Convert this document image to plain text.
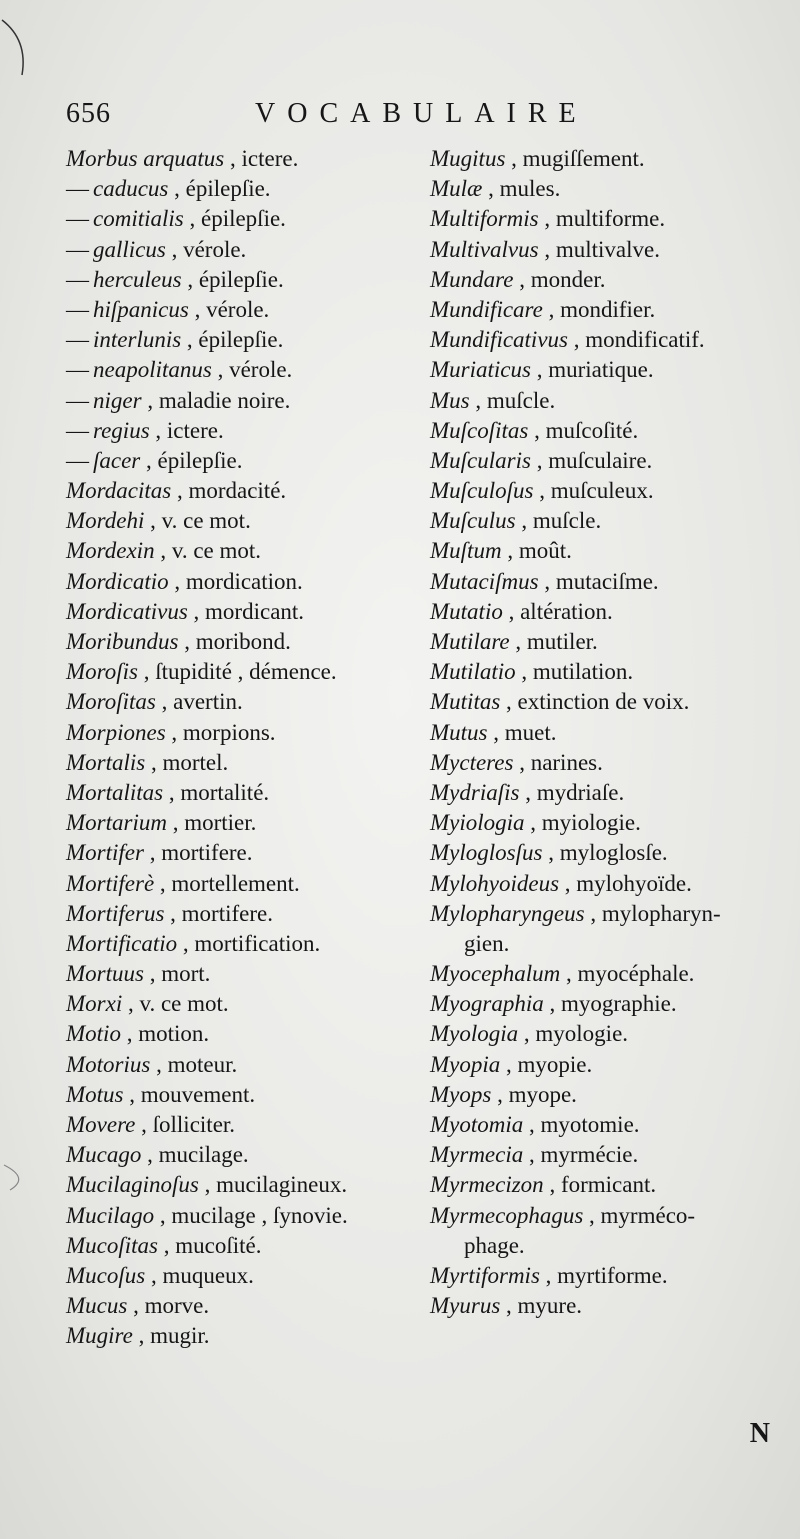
656	VOCABULAIRE
Morbus arquatus , ictere.
— caducus , épilepſie.
— comitialis , épilepſie.
— gallicus , vérole.
— herculeus , épilepſie.
— hiſpanicus , vérole.
— interlunis , épilepſie.
— neapolitanus , vérole.
— niger , maladie noire.
— regius , ictere.
— ſacer , épilepſie.
Mordacitas , mordacité.
Mordehi , v. ce mot.
Mordexin , v. ce mot.
Mordicatio , mordication.
Mordicativus , mordicant.
Moribundus , moribond.
Moroſis , ſtupidité , démence.
Moroſitas , avertin.
Morpiones , morpions.
Mortalis , mortel.
Mortalitas , mortalité.
Mortarium , mortier.
Mortifer , mortifere.
Mortiferè , mortellement.
Mortiferus , mortifere.
Mortificatio , mortification.
Mortuus , mort.
Morxi , v. ce mot.
Motio , motion.
Motorius , moteur.
Motus , mouvement.
Movere , ſolliciter.
Mucago , mucilage.
Mucilaginoſus , mucilagineux.
Mucilago , mucilage , ſynovie.
Mucoſitas , mucoſité.
Mucoſus , muqueux.
Mucus , morve.
Mugire , mugir.
Mugitus , mugiſſement.
Mulæ , mules.
Multiformis , multiforme.
Multivalvus , multivalve.
Mundare , monder.
Mundificare , mondifier.
Mundificativus , mondificatif.
Muriaticus , muriatique.
Mus , muſcle.
Muſcoſitas , muſcoſité.
Muſcularis , muſculaire.
Muſculoſus , muſculeux.
Muſculus , muſcle.
Muſtum , moût.
Mutaciſmus , mutaciſme.
Mutatio , altération.
Mutilare , mutiler.
Mutilatio , mutilation.
Mutitas , extinction de voix.
Mutus , muet.
Mycteres , narines.
Mydriaſis , mydriaſe.
Myiologia , myiologie.
Myloglosſus , myloglosſe.
Mylohyoideus , mylohyoïde.
Mylopharyngeus , mylopharyn-
gien.
Myocephalum , myocéphale.
Myographia , myographie.
Myologia , myologie.
Myopia , myopie.
Myops , myope.
Myotomia , myotomie.
Myrmecia , myrmécie.
Myrmecizon , formicant.
Myrmecophagus , myrméco-
phage.
Myrtiformis , myrtiforme.
Myurus , myure.
N
